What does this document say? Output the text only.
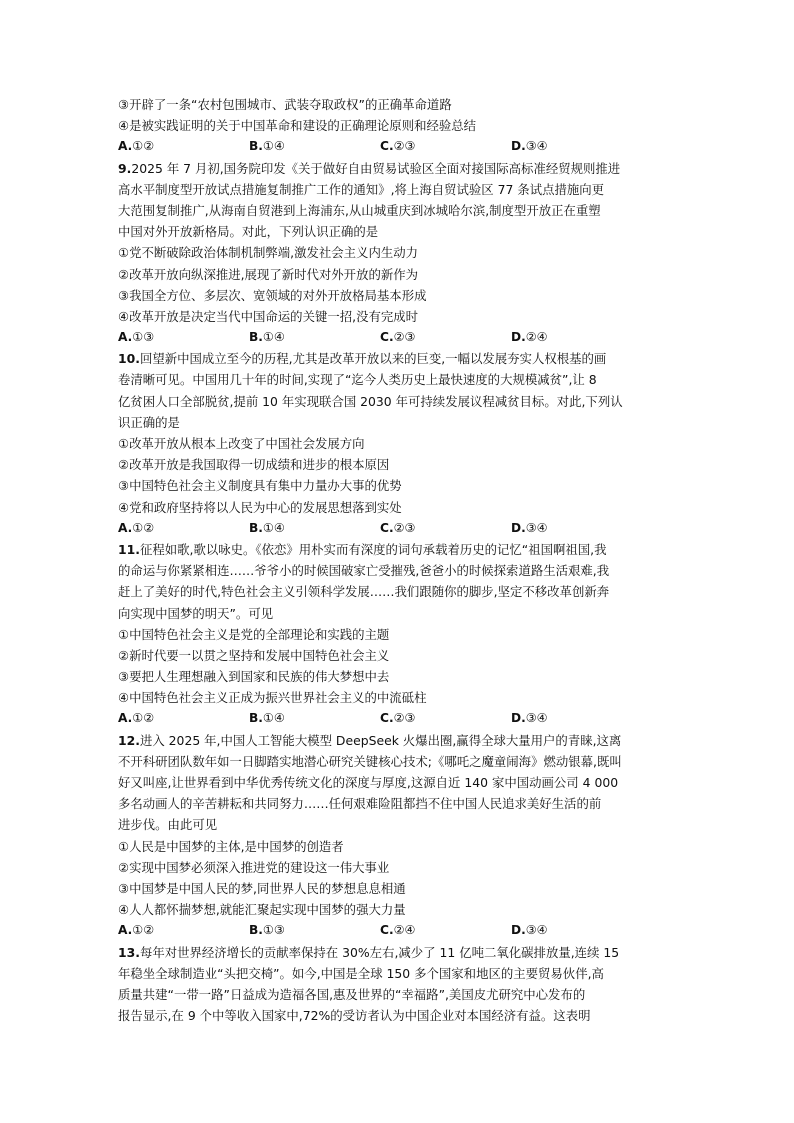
③开辟了一条“农村包围城市、武装夺取政权”的正确革命道路
④是被实践证明的关于中国革命和建设的正确理论原则和经验总结
A.①②	B.①④	C.②③	D.③④
9.2025 年 7 月初,国务院印发《关于做好自由贸易试验区全面对接国际高标准经贸规则推进
高水平制度型开放试点措施复制推广工作的通知》,将上海自贸试验区 77 条试点措施向更
大范围复制推广,从海南自贸港到上海浦东,从山城重庆到冰城哈尔滨,制度型开放正在重塑
中国对外开放新格局。对此，下列认识正确的是
①党不断破除政治体制机制弊端,激发社会主义内生动力
②改革开放向纵深推进,展现了新时代对外开放的新作为
③我国全方位、多层次、宽领域的对外开放格局基本形成
④改革开放是决定当代中国命运的关键一招,没有完成时
A.①③	B.①④	C.②③	D.②④
10.回望新中国成立至今的历程,尤其是改革开放以来的巨变,一幅以发展夯实人权根基的画
卷清晰可见。中国用几十年的时间,实现了“迄今人类历史上最快速度的大规模减贫”,让 8
亿贫困人口全部脱贫,提前 10 年实现联合国 2030 年可持续发展议程减贫目标。对此,下列认
识正确的是
①改革开放从根本上改变了中国社会发展方向
②改革开放是我国取得一切成绩和进步的根本原因
③中国特色社会主义制度具有集中力量办大事的优势
④党和政府坚持将以人民为中心的发展思想落到实处
A.①②	B.①④	C.②③	D.③④
11.征程如歌,歌以咏史。《依恋》用朴实而有深度的词句承载着历史的记忆“祖国啊祖国,我
的命运与你紧紧相连……爷爷小的时候国破家亡受摧残,爸爸小的时候探索道路生活艰难,我
赶上了美好的时代,特色社会主义引领科学发展……我们跟随你的脚步,坚定不移改革创新奔
向实现中国梦的明天”。可见
①中国特色社会主义是党的全部理论和实践的主题
②新时代要一以贯之坚持和发展中国特色社会主义
③要把人生理想融入到国家和民族的伟大梦想中去
④中国特色社会主义正成为振兴世界社会主义的中流砥柱
A.①②	B.①④	C.②③	D.③④
12.进入 2025 年,中国人工智能大模型 DeepSeek 火爆出圈,赢得全球大量用户的青睐,这离
不开科研团队数年如一日脚踏实地潜心研究关键核心技术;《哪吒之魔童闹海》燃动银幕,既叫
好又叫座,让世界看到中华优秀传统文化的深度与厚度,这源自近 140 家中国动画公司 4 000
多名动画人的辛苦耕耘和共同努力……任何艰难险阻都挡不住中国人民追求美好生活的前
进步伐。由此可见
①人民是中国梦的主体,是中国梦的创造者
②实现中国梦必须深入推进党的建设这一伟大事业
③中国梦是中国人民的梦,同世界人民的梦想息息相通
④人人都怀揣梦想,就能汇聚起实现中国梦的强大力量
A.①②	B.①③	C.②④	D.③④
13.每年对世界经济增长的贡献率保持在 30%左右,减少了 11 亿吨二氧化碳排放量,连续 15
年稳坐全球制造业“头把交椅”。如今,中国是全球 150 多个国家和地区的主要贸易伙伴,高
质量共建“一带一路”日益成为造福各国,惠及世界的“幸福路”,美国皮尤研究中心发布的
报告显示,在 9 个中等收入国家中,72%的受访者认为中国企业对本国经济有益。这表明
